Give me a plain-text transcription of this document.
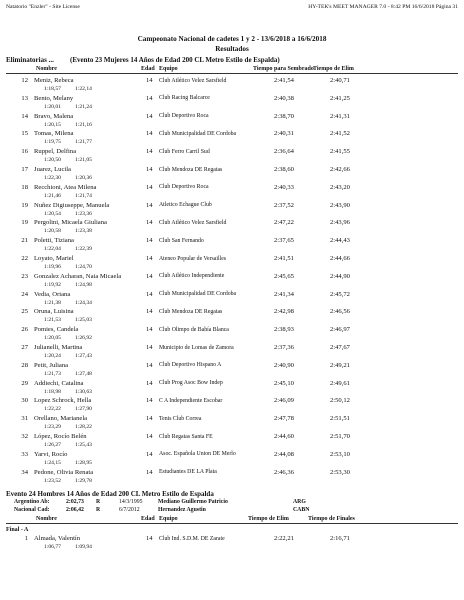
Natatorio "Enzler" - Site License	HY-TEK's MEET MANAGER 7.0 - 8:42 PM 16/6/2018 Página 31
Campeonato Nacional de cadetes 1 y 2 - 13/6/2018 a 16/6/2018
Resultados
Eliminatorias ... (Evento 23 Mujeres 14 Años de Edad 200 CL Metro Estilo de Espalda)
Nombre	Edad Equipo	Tiempo para Sembrado Tiempo de Elim
12 Meniz, Rebeca	14 Club Atlético Velez Sarsfield	2:41,54	2:40,71
1:18,57	1:22,14
13 Bento, Melany	14 Club Racing Balcarce	2:40,38	2:41,25
1:20,01	1:21,24
14 Bravo, Malena	14 Club Deportivo Roca	2:38,70	2:41,31
1:20,15	1:21,16
15 Tomas, Milena	14 Club Municipalidad DE Cordoba	2:40,31	2:41,52
1:19,75	1:21,77
16 Ruppel, Delfina	14 Club Ferro Carril Sud	2:36,64	2:41,55
1:20,50	1:21,05
17 Juarez, Lucila	14 Club Mendoza DE Regatas	2:38,60	2:42,66
1:22,30	1:20,36
18 Recchioni, Atea Milena	14 Club Deportivo Roca	2:40,33	2:43,20
1:21,46	1:21,74
19 Nuñez Digiuseppe, Manuela	14 Atletico Echague Club	2:37,52	2:43,90
1:20,54	1:23,36
19 Pergolini, Micaela Giuliana	14 Club Atlético Velez Sarsfield	2:47,22	2:43,96
1:20,58	1:23,38
21 Poletti, Tiziana	14 Club San Fernando	2:37,65	2:44,43
1:22,04	1:22,39
22 Loyato, Mariel	14 Ateneo Popular de Versailles	2:41,51	2:44,66
1:19,96	1:24,70
23 Gonzalez Acharan, Naia Micaela	14 Club Atlético Independiente	2:45,65	2:44,90
1:19,92	1:24,98
24 Vedia, Oriana	14 Club Municipalidad DE Cordoba	2:41,34	2:45,72
1:21,38	1:24,34
25 Oruna, Luisina	14 Club Mendoza DE Regatas	2:42,98	2:46,56
1:21,53	1:25,03
26 Pomies, Candela	14 Club Olimpo de Bahía Blanca	2:38,93	2:46,97
1:20,05	1:26,92
27 Julianelli, Martina	14 Municipio de Lomas de Zamora	2:37,36	2:47,67
1:20,24	1:27,43
28 Petit, Juliana	14 Club Deportivo Hispano A	2:40,90	2:49,21
1:21,73	1:27,48
29 Addiechi, Catalina	14 Club Prog Asoc Bow Indep	2:45,10	2:49,61
1:18,98	1:30,63
30 Lopez Schrock, Hella	14 C A Independiente Escobar	2:46,09	2:50,12
1:22,22	1:27,90
31 Orellano, Marianela	14 Tenis Club Correa	2:47,78	2:51,51
1:23,29	1:28,22
32 López, Rocío Belén	14 Club Regatas Santa FE	2:44,60	2:51,70
1:26,27	1:25,43
33 Yarvi, Rocío	14 Asoc. Española Union DE Merlo	2:44,08	2:53,10
1:24,15	1:28,95
34 Pedone, Olivia Renata	14 Estudiantes DE LA Plata	2:46,36	2:53,30
1:23,52	1:29,78
Evento 24 Hombres 14 Años de Edad 200 CL Metro Estilo de Espalda
Argentino Ab:	2:02,73 R	14/3/1995	Mediano Guillermo Patricio	ARG
Nacional Cad:	2:06,42 R	6/7/2012	Hernandez Agustin	CABN
Nombre	Edad Equipo	Tiempo de Elim	Tiempo de Finales
Final - A
1 Almada, Valentín	14 Club Ind. S.D.M. DE Zarate	2:22,21	2:16,71
1:06,77	1:09,94
